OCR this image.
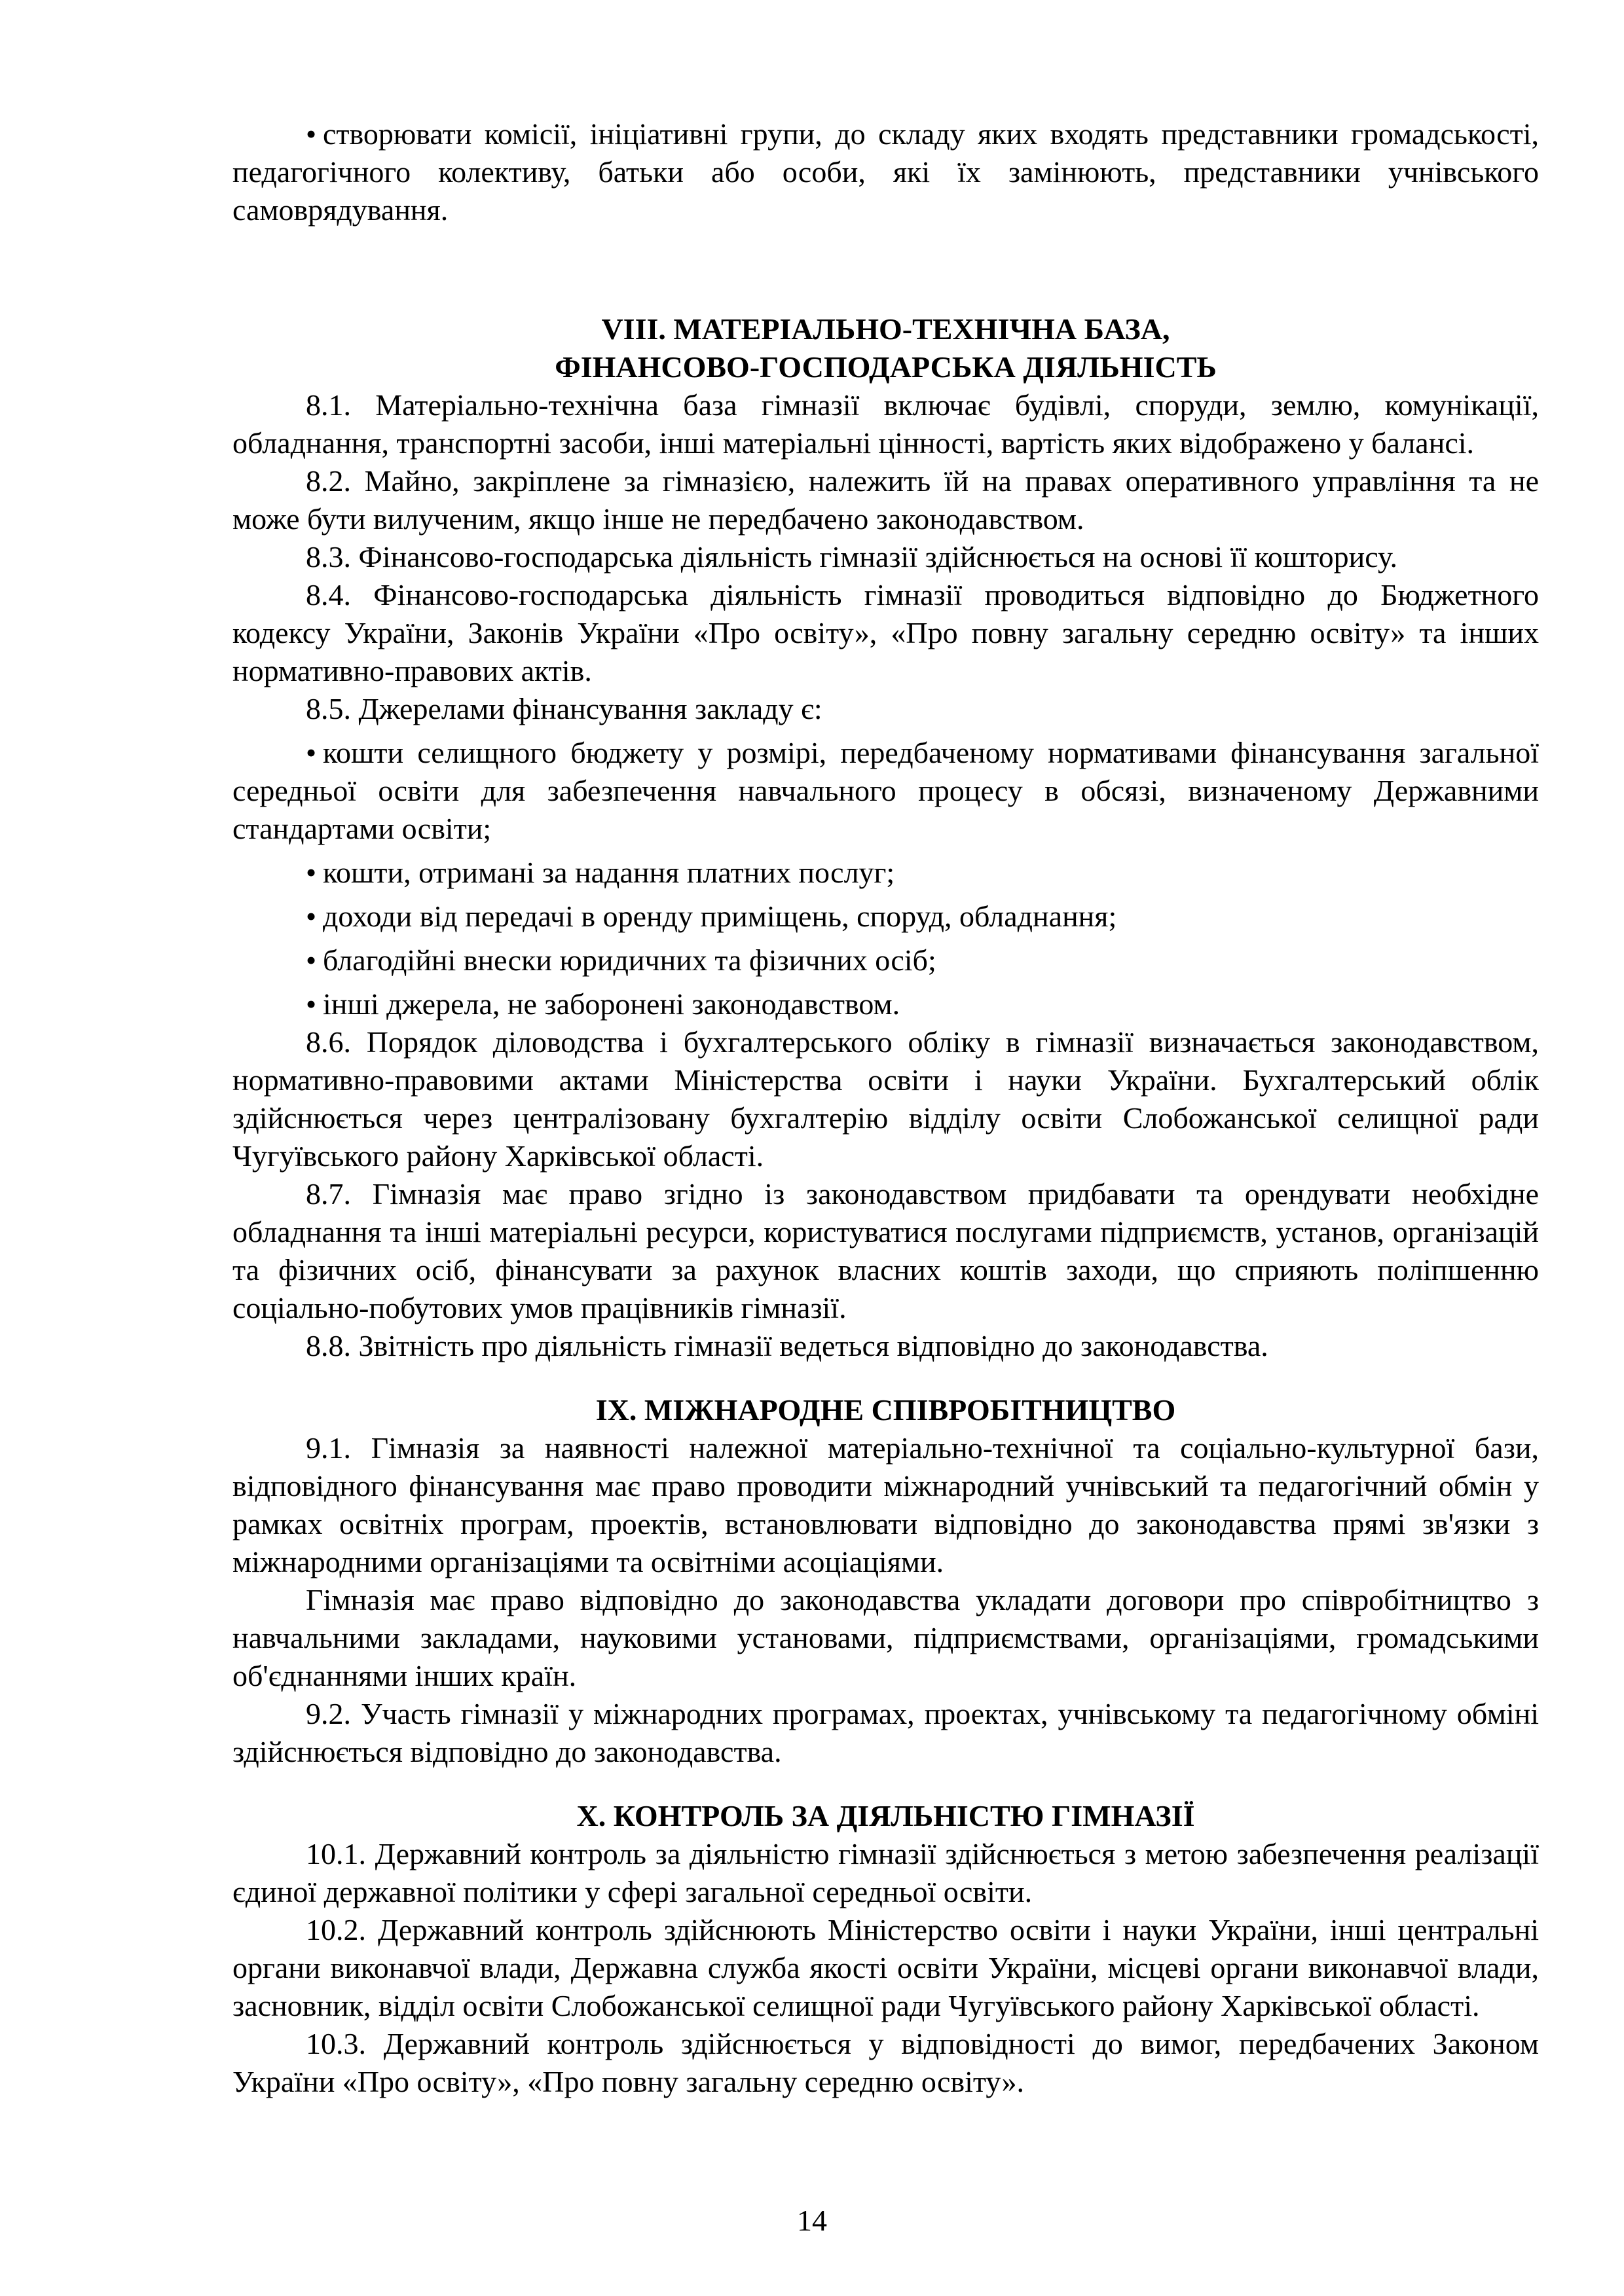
• створювати комісії, ініціативні групи, до складу яких входять представники громадськості, педагогічного колективу, батьки або особи, які їх замінюють, представники учнівського самоврядування.

VIII. МАТЕРІАЛЬНО-ТЕХНІЧНА БАЗА,
ФІНАНСОВО-ГОСПОДАРСЬКА ДІЯЛЬНІСТЬ

8.1. Матеріально-технічна база гімназії включає будівлі, споруди, землю, комунікації, обладнання, транспортні засоби, інші матеріальні цінності, вартість яких відображено у балансі.

8.2. Майно, закріплене за гімназією, належить їй на правах оперативного управління та не може бути вилученим, якщо інше не передбачено законодавством.

8.3. Фінансово-господарська діяльність гімназії здійснюється на основі її кошторису.

8.4. Фінансово-господарська діяльність гімназії проводиться відповідно до Бюджетного кодексу України, Законів України «Про освіту», «Про повну загальну середню освіту» та інших нормативно-правових актів.

8.5. Джерелами фінансування закладу є:

• кошти селищного бюджету у розмірі, передбаченому нормативами фінансування загальної середньої освіти для забезпечення навчального процесу в обсязі, визначеному Державними стандартами освіти;

• кошти, отримані за надання платних послуг;

• доходи від передачі в оренду приміщень, споруд, обладнання;

• благодійні внески юридичних та фізичних осіб;

• інші джерела, не заборонені законодавством.

8.6. Порядок діловодства і бухгалтерського обліку в гімназії визначається законодавством, нормативно-правовими актами Міністерства освіти і науки України. Бухгалтерський облік здійснюється через централізовану бухгалтерію відділу освіти Слобожанської селищної ради Чугуївського району Харківської області.

8.7. Гімназія має право згідно із законодавством придбавати та орендувати необхідне обладнання та інші матеріальні ресурси, користуватися послугами підприємств, установ, організацій та фізичних осіб, фінансувати за рахунок власних коштів заходи, що сприяють поліпшенню соціально-побутових умов працівників гімназії.

8.8. Звітність про діяльність гімназії ведеться відповідно до законодавства.

IX. МІЖНАРОДНЕ СПІВРОБІТНИЦТВО

9.1. Гімназія за наявності належної матеріально-технічної та соціально-культурної бази, відповідного фінансування має право проводити міжнародний учнівський та педагогічний обмін у рамках освітніх програм, проектів, встановлювати відповідно до законодавства прямі зв'язки з міжнародними організаціями та освітніми асоціаціями.

Гімназія має право відповідно до законодавства укладати договори про співробітництво з навчальними закладами, науковими установами, підприємствами, організаціями, громадськими об'єднаннями інших країн.

9.2. Участь гімназії у міжнародних програмах, проектах, учнівському та педагогічному обміні здійснюється відповідно до законодавства.

X. КОНТРОЛЬ ЗА ДІЯЛЬНІСТЮ ГІМНАЗІЇ

10.1. Державний контроль за діяльністю гімназії здійснюється з метою забезпечення реалізації єдиної державної політики у сфері загальної середньої освіти.

10.2. Державний контроль здійснюють Міністерство освіти і науки України, інші центральні органи виконавчої влади, Державна служба якості освіти України, місцеві органи виконавчої влади, засновник, відділ освіти Слобожанської селищної ради Чугуївського району Харківської області.

10.3. Державний контроль здійснюється у відповідності до вимог, передбачених Законом України «Про освіту», «Про повну загальну середню освіту».

14
